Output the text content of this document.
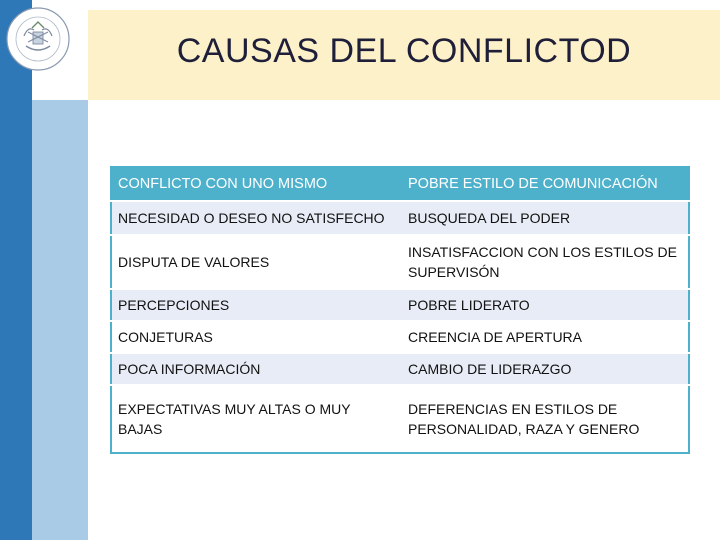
CAUSAS DEL CONFLICTOD
CONFLICTO CON UNO MISMO	POBRE ESTILO DE COMUNICACIÓN
NECESIDAD O DESEO NO SATISFECHO	BUSQUEDA DEL PODER
DISPUTA DE VALORES	INSATISFACCION CON LOS ESTILOS DE SUPERVISÓN
PERCEPCIONES	POBRE LIDERATO
CONJETURAS	CREENCIA DE APERTURA
POCA INFORMACIÓN	CAMBIO DE LIDERAZGO
EXPECTATIVAS MUY ALTAS O MUY BAJAS	DEFERENCIAS EN ESTILOS DE PERSONALIDAD, RAZA Y GENERO
